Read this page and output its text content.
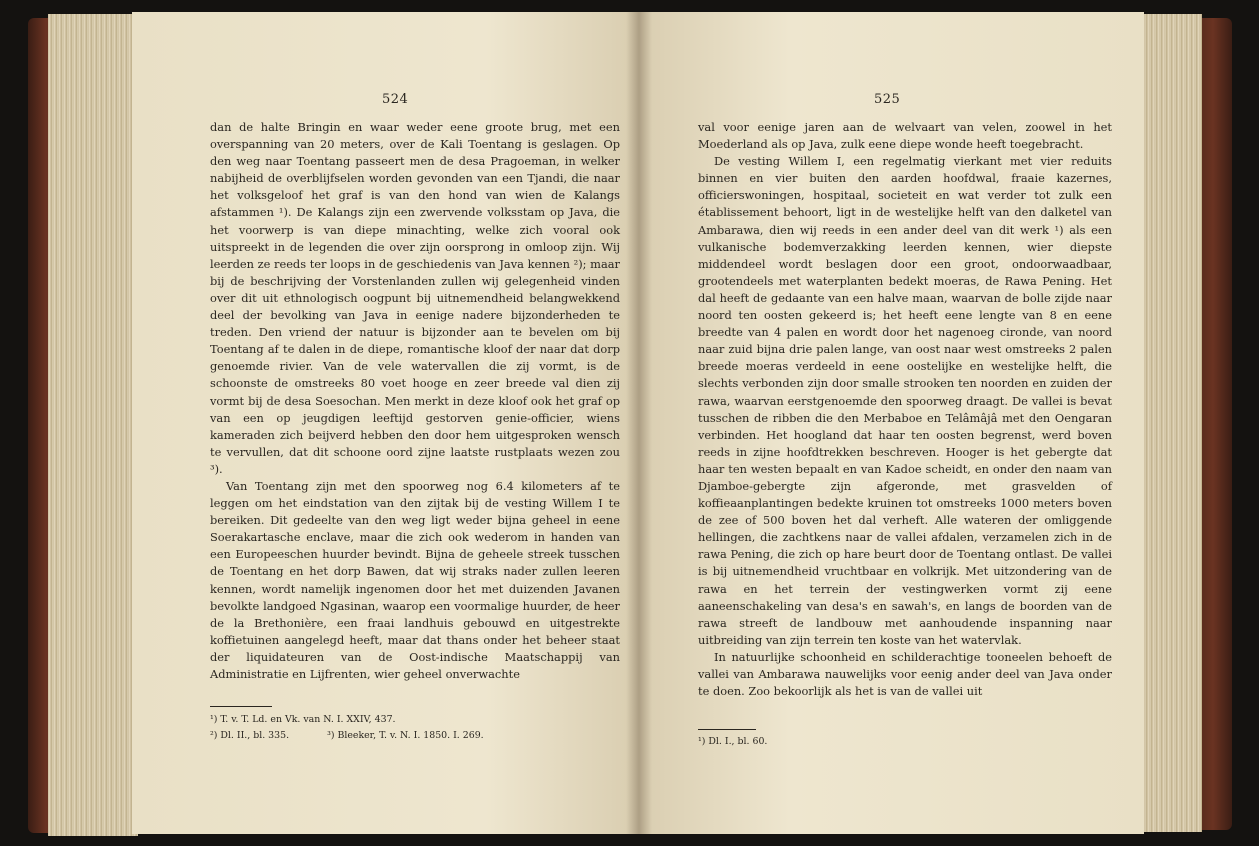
524

dan de halte Bringin en waar weder eene groote brug, met een overspanning van 20 meters, over de Kali Toentang is geslagen. Op den weg naar Toentang passeert men de desa Pragoeman, in welker nabijheid de overblijfselen worden gevonden van een Tjandi, die naar het volksgeloof het graf is van den hond van wien de Kalangs afstammen ¹). De Kalangs zijn een zwervende volksstam op Java, die het voorwerp is van diepe minachting, welke zich vooral ook uitspreekt in de legenden die over zijn oorsprong in omloop zijn. Wij leerden ze reeds ter loops in de geschiedenis van Java kennen ²); maar bij de beschrijving der Vorstenlanden zullen wij gelegenheid vinden over dit uit ethnologisch oogpunt bij uitnemendheid belangwekkend deel der bevolking van Java in eenige nadere bijzonderheden te treden. Den vriend der natuur is bijzonder aan te bevelen om bij Toentang af te dalen in de diepe, romantische kloof der naar dat dorp genoemde rivier. Van de vele watervallen die zij vormt, is de schoonste de omstreeks 80 voet hooge en zeer breede val dien zij vormt bij de desa Soesochan. Men merkt in deze kloof ook het graf op van een op jeugdigen leeftijd gestorven genie-officier, wiens kameraden zich beijverd hebben den door hem uitgesproken wensch te vervullen, dat dit schoone oord zijne laatste rustplaats wezen zou ³).

Van Toentang zijn met den spoorweg nog 6.4 kilometers af te leggen om het eindstation van den zijtak bij de vesting Willem I te bereiken. Dit gedeelte van den weg ligt weder bijna geheel in eene Soerakartasche enclave, maar die zich ook wederom in handen van een Europeeschen huurder bevindt. Bijna de geheele streek tusschen de Toentang en het dorp Bawen, dat wij straks nader zullen leeren kennen, wordt namelijk ingenomen door het met duizenden Javanen bevolkte landgoed Ngasinan, waarop een voormalige huurder, de heer de la Brethonière, een fraai landhuis gebouwd en uitgestrekte koffietuinen aangelegd heeft, maar dat thans onder het beheer staat der liquidateuren van de Oost-indische Maatschappij van Administratie en Lijfrenten, wier geheel onverwachte

¹) T. v. T. Ld. en Vk. van N. I. XXIV, 437.
²) Dl. II., bl. 335.	³) Bleeker, T. v. N. I. 1850. I. 269.
525

val voor eenige jaren aan de welvaart van velen, zoowel in het Moederland als op Java, zulk eene diepe wonde heeft toegebracht.

De vesting Willem I, een regelmatig vierkant met vier reduits binnen en vier buiten den aarden hoofdwal, fraaie kazernes, officierswoningen, hospitaal, societeit en wat verder tot zulk een établissement behoort, ligt in de westelijke helft van den dalketel van Ambarawa, dien wij reeds in een ander deel van dit werk ¹) als een vulkanische bodemverzakking leerden kennen, wier diepste middendeel wordt beslagen door een groot, ondoorwaadbaar, grootendeels met waterplanten bedekt moeras, de Rawa Pening. Het dal heeft de gedaante van een halve maan, waarvan de bolle zijde naar noord ten oosten gekeerd is; het heeft eene lengte van 8 en eene breedte van 4 palen en wordt door het nagenoeg cironde, van noord naar zuid bijna drie palen lange, van oost naar west omstreeks 2 palen breede moeras verdeeld in eene oostelijke en westelijke helft, die slechts verbonden zijn door smalle strooken ten noorden en zuiden der rawa, waarvan eerstgenoemde den spoorweg draagt. De vallei is bevat tusschen de ribben die den Merbaboe en Telâmâjâ met den Oengaran verbinden. Het hoogland dat haar ten oosten begrenst, werd boven reeds in zijne hoofdtrekken beschreven. Hooger is het gebergte dat haar ten westen bepaalt en van Kadoe scheidt, en onder den naam van Djamboe-gebergte zijn afgeronde, met grasvelden of koffieaanplantingen bedekte kruinen tot omstreeks 1000 meters boven de zee of 500 boven het dal verheft. Alle wateren der omliggende hellingen, die zachtkens naar de vallei afdalen, verzamelen zich in de rawa Pening, die zich op hare beurt door de Toentang ontlast. De vallei is bij uitnemendheid vruchtbaar en volkrijk. Met uitzondering van de rawa en het terrein der vestingwerken vormt zij eene aaneenschakeling van desa's en sawah's, en langs de boorden van de rawa streeft de landbouw met aanhoudende inspanning naar uitbreiding van zijn terrein ten koste van het watervlak.

In natuurlijke schoonheid en schilderachtige tooneelen behoeft de vallei van Ambarawa nauwelijks voor eenig ander deel van Java onder te doen. Zoo bekoorlijk als het is van de vallei uit

¹) Dl. I., bl. 60.
